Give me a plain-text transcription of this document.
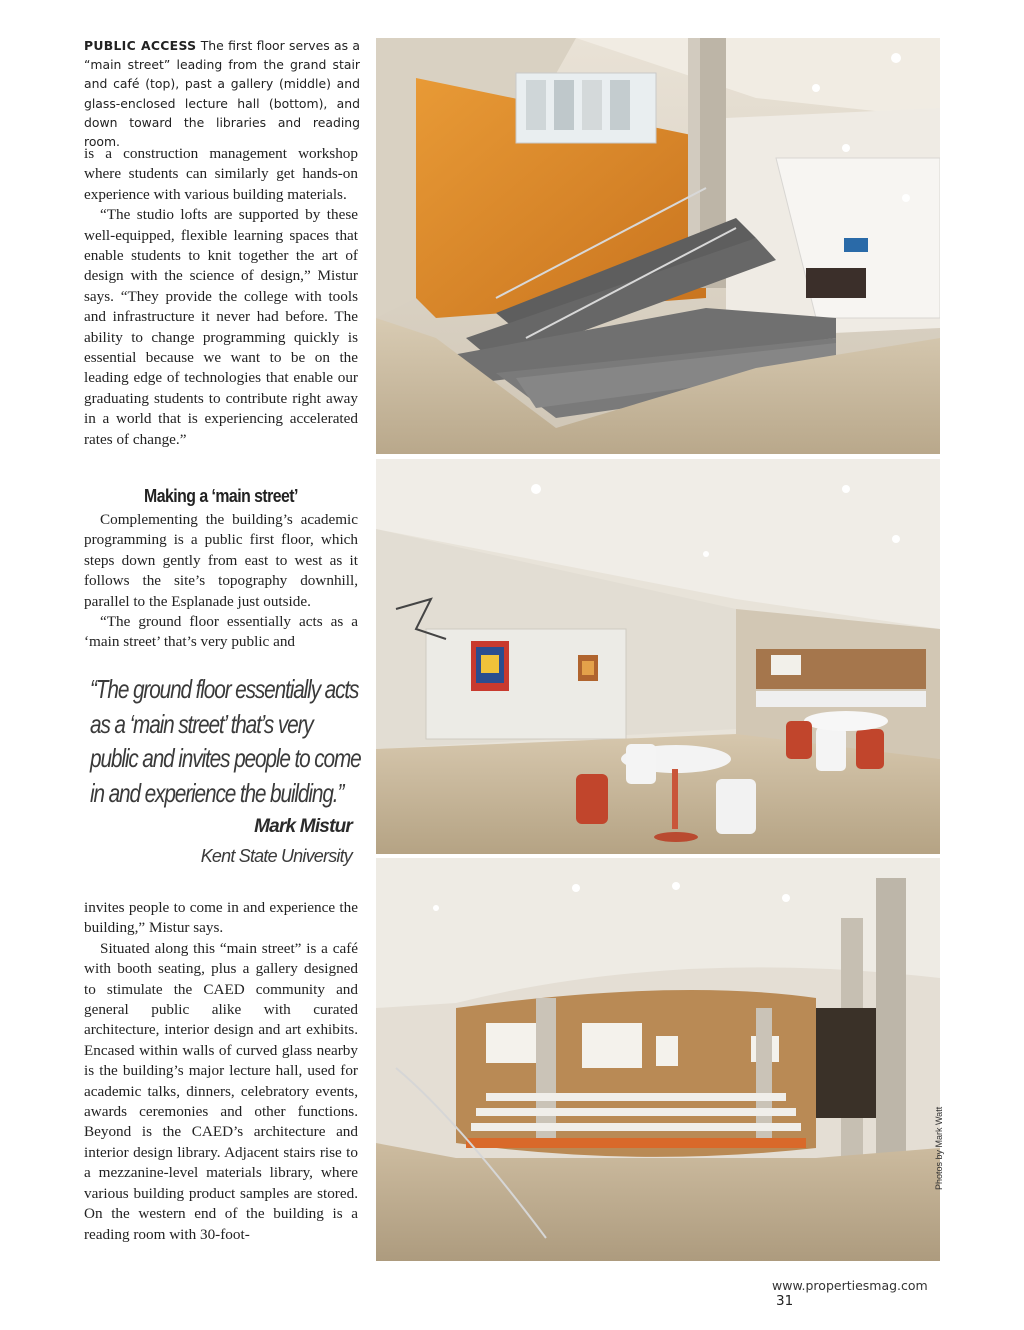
PUBLIC ACCESS The first floor serves as a “main street” leading from the grand stair and café (top), past a gallery (middle) and glass-enclosed lecture hall (bottom), and down toward the libraries and reading room.

is a construction management workshop where students can similarly get hands-on experience with various building materials.

“The studio lofts are supported by these well-equipped, flexible learning spaces that enable students to knit together the art of design with the science of design,” Mistur says. “They provide the college with tools and infrastructure it never had before. The ability to change programming quickly is essential because we want to be on the leading edge of technologies that enable our graduating students to contribute right away in a world that is experiencing accelerated rates of change.”

Making a ‘main street’

Complementing the building’s academic programming is a public first floor, which steps down gently from east to west as it follows the site’s topography downhill, parallel to the Esplanade just outside.

“The ground floor essentially acts as a ‘main street’ that’s very public and

“The ground floor essentially acts as a ‘main street’ that’s very public and invites people to come in and experience the building.”
Mark Mistur
Kent State University

invites people to come in and experience the building,” Mistur says.

Situated along this “main street” is a café with booth seating, plus a gallery designed to stimulate the CAED community and general public alike with curated architecture, interior design and art exhibits. Encased within walls of curved glass nearby is the building’s major lecture hall, used for academic talks, dinners, celebratory events, awards ceremonies and other functions. Beyond is the CAED’s architecture and interior design library. Adjacent stairs rise to a mezzanine-level materials library, where various building product samples are stored. On the western end of the building is a reading room with 30-foot-

Photos by Mark Watt
www.propertiesmag.com 31
